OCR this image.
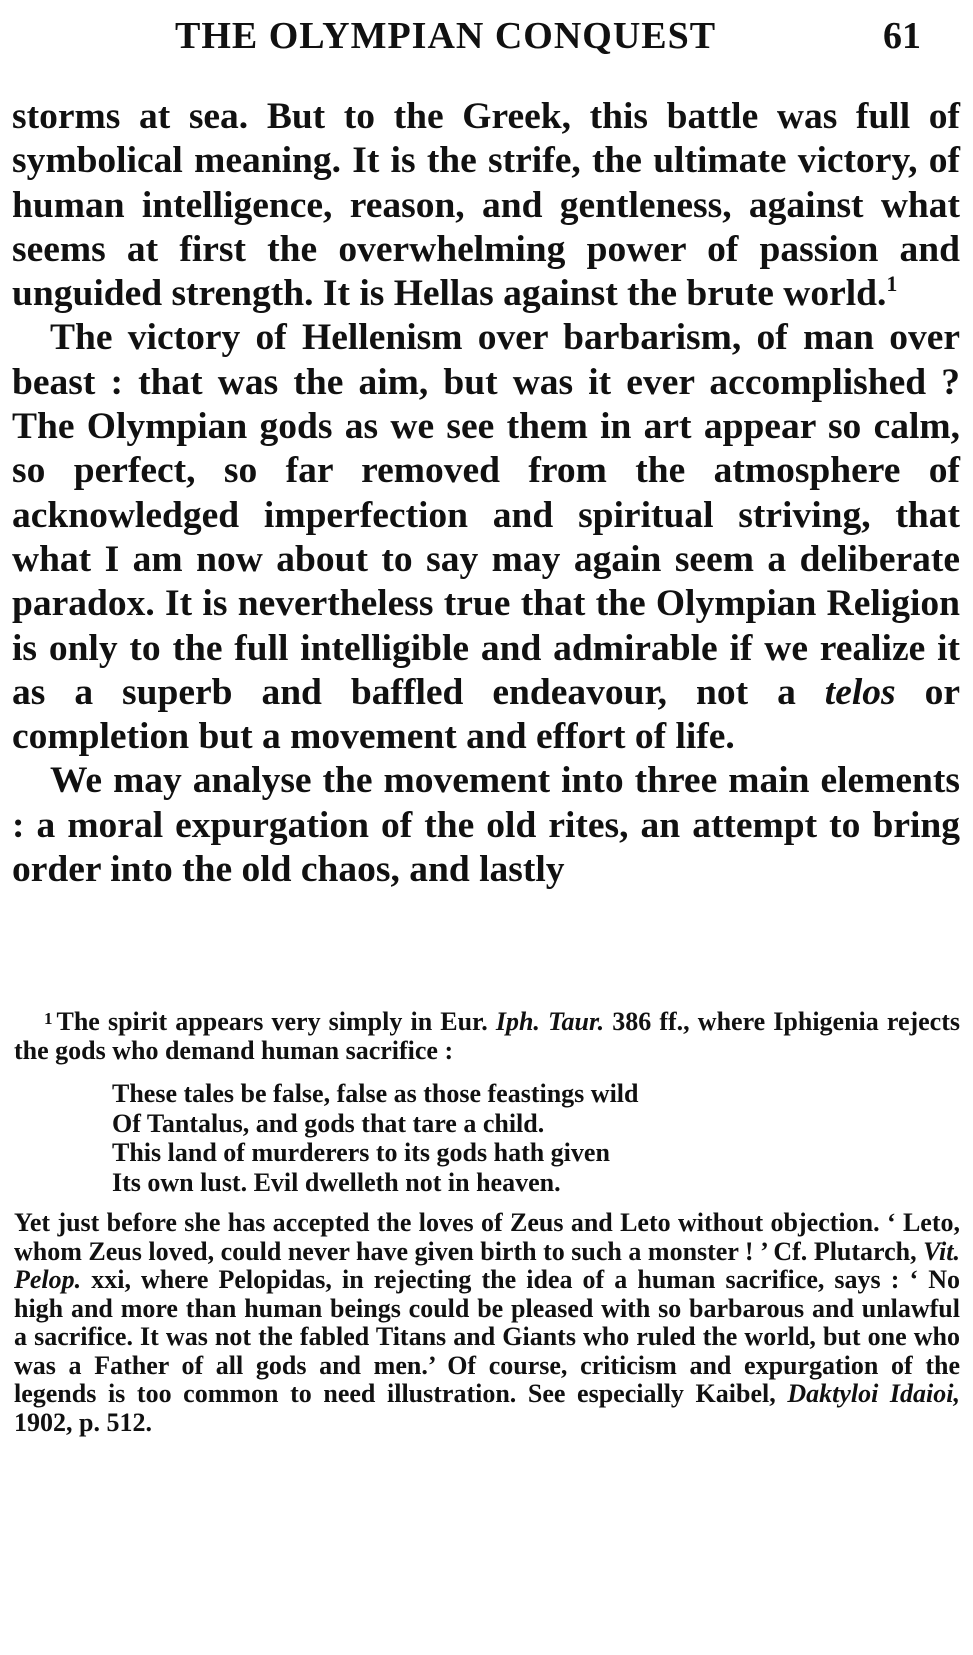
THE OLYMPIAN CONQUEST	61

storms at sea. But to the Greek, this battle was full of symbolical meaning. It is the strife, the ultimate victory, of human intelligence, reason, and gentleness, against what seems at first the overwhelming power of passion and unguided strength. It is Hellas against the brute world.$^1$

The victory of Hellenism over barbarism, of man over beast : that was the aim, but was it ever accomplished ? The Olympian gods as we see them in art appear so calm, so perfect, so far removed from the atmosphere of acknowledged imperfection and spiritual striving, that what I am now about to say may again seem a deliberate paradox. It is nevertheless true that the Olympian Religion is only to the full intelligible and admirable if we realize it as a superb and baffled endeavour, not a telos or completion but a movement and effort of life.

We may analyse the movement into three main elements : a moral expurgation of the old rites, an attempt to bring order into the old chaos, and lastly

$^1$ The spirit appears very simply in Eur. Iph. Taur. 386 ff., where Iphigenia rejects the gods who demand human sacrifice :

These tales be false, false as those feastings wild
Of Tantalus, and gods that tare a child.
This land of murderers to its gods hath given
Its own lust. Evil dwelleth not in heaven.

Yet just before she has accepted the loves of Zeus and Leto without objection. ‘ Leto, whom Zeus loved, could never have given birth to such a monster ! ’ Cf. Plutarch, Vit. Pelop. xxi, where Pelopidas, in rejecting the idea of a human sacrifice, says : ‘ No high and more than human beings could be pleased with so barbarous and unlawful a sacrifice. It was not the fabled Titans and Giants who ruled the world, but one who was a Father of all gods and men.’ Of course, criticism and expurgation of the legends is too common to need illustration. See especially Kaibel, Daktyloi Idaioi, 1902, p. 512.
